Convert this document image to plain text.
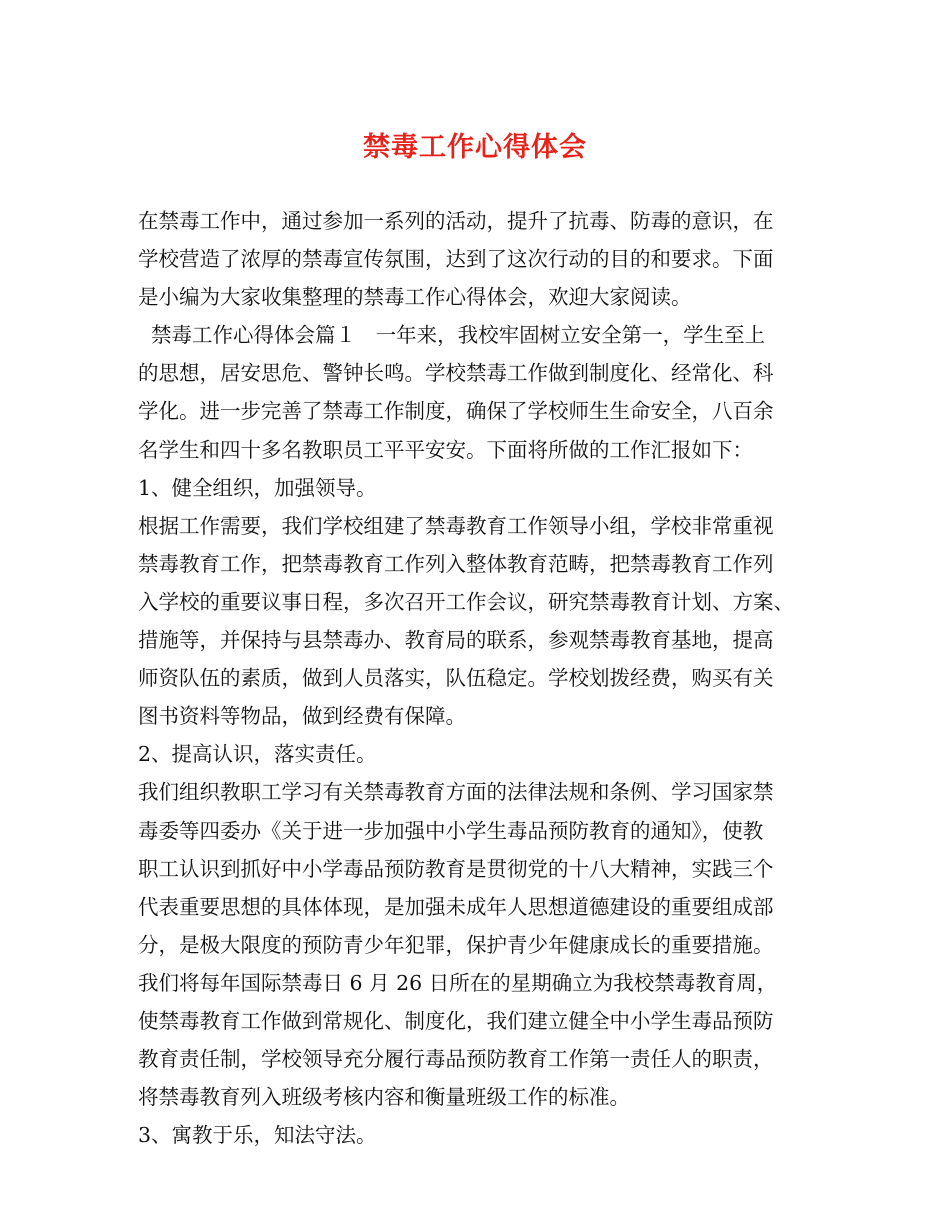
禁毒工作心得体会
在禁毒工作中，通过参加一系列的活动，提升了抗毒、防毒的意识，在
学校营造了浓厚的禁毒宣传氛围，达到了这次行动的目的和要求。下面
是小编为大家收集整理的禁毒工作心得体会，欢迎大家阅读。
禁毒工作心得体会篇１   一年来，我校牢固树立安全第一，学生至上
的思想，居安思危、警钟长鸣。学校禁毒工作做到制度化、经常化、科
学化。进一步完善了禁毒工作制度，确保了学校师生生命安全，八百余
名学生和四十多名教职员工平平安安。下面将所做的工作汇报如下：
1、健全组织，加强领导。
根据工作需要，我们学校组建了禁毒教育工作领导小组，学校非常重视
禁毒教育工作，把禁毒教育工作列入整体教育范畴，把禁毒教育工作列
入学校的重要议事日程，多次召开工作会议，研究禁毒教育计划、方案、
措施等，并保持与县禁毒办、教育局的联系，参观禁毒教育基地，提高
师资队伍的素质，做到人员落实，队伍稳定。学校划拨经费，购买有关
图书资料等物品，做到经费有保障。
2、提高认识，落实责任。
我们组织教职工学习有关禁毒教育方面的法律法规和条例、学习国家禁
毒委等四委办《关于进一步加强中小学生毒品预防教育的通知》，使教
职工认识到抓好中小学毒品预防教育是贯彻党的十八大精神，实践三个
代表重要思想的具体体现，是加强未成年人思想道德建设的重要组成部
分，是极大限度的预防青少年犯罪，保护青少年健康成长的重要措施。
我们将每年国际禁毒日 6 月 26 日所在的星期确立为我校禁毒教育周，
使禁毒教育工作做到常规化、制度化，我们建立健全中小学生毒品预防
教育责任制，学校领导充分履行毒品预防教育工作第一责任人的职责，
将禁毒教育列入班级考核内容和衡量班级工作的标准。
3、寓教于乐，知法守法。
